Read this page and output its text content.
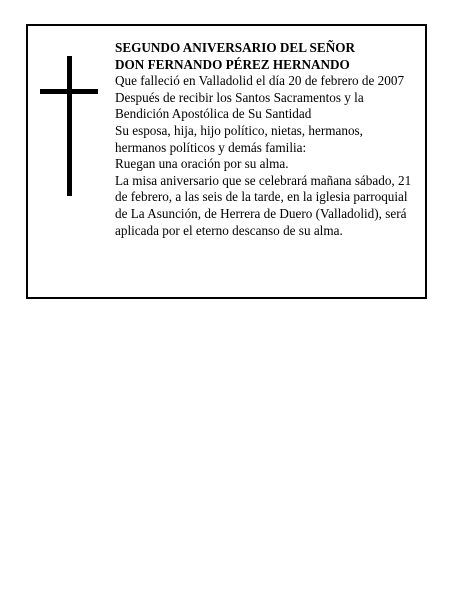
SEGUNDO ANIVERSARIO DEL SEÑOR
DON FERNANDO PÉREZ HERNANDO
Que falleció en Valladolid el día 20 de febrero de 2007
Después de recibir los Santos Sacramentos y la
Bendición Apostólica de Su Santidad
Su esposa, hija, hijo político, nietas, hermanos,
hermanos políticos y demás familia:
Ruegan una oración por su alma.
La misa aniversario que se celebrará mañana sábado, 21
de febrero, a las seis de la tarde, en la iglesia parroquial
de La Asunción, de Herrera de Duero (Valladolid), será
aplicada por el eterno descanso de su alma.
